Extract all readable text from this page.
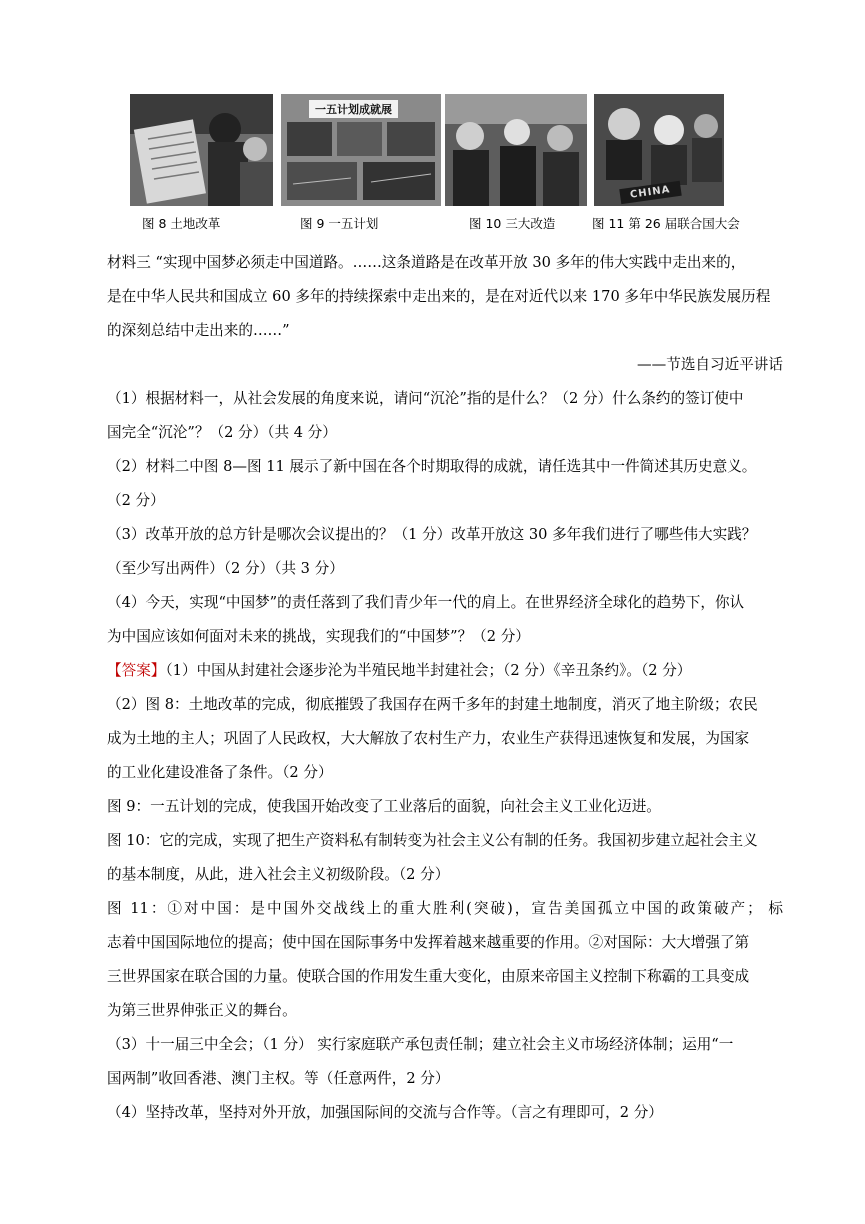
一五计划成就展
CHINA
图 8 土地改革	图 9 一五计划	图 10 三大改造	图 11 第 26 届联合国大会
材料三 “实现中国梦必须走中国道路。……这条道路是在改革开放 30 多年的伟大实践中走出来的，
是在中华人民共和国成立 60 多年的持续探索中走出来的，是在对近代以来 170 多年中华民族发展历程
的深刻总结中走出来的……”
——节选自习近平讲话
（1）根据材料一，从社会发展的角度来说，请问“沉沦”指的是什么？（2 分）什么条约的签订使中
国完全“沉沦”？（2 分）（共 4 分）
（2）材料二中图 8—图 11 展示了新中国在各个时期取得的成就，请任选其中一件简述其历史意义。
（2 分）
（3）改革开放的总方针是哪次会议提出的？（1 分）改革开放这 30 多年我们进行了哪些伟大实践？
（至少写出两件）（2 分）（共 3 分）
（4）今天，实现“中国梦”的责任落到了我们青少年一代的肩上。在世界经济全球化的趋势下，你认
为中国应该如何面对未来的挑战，实现我们的“中国梦”？（2 分）
【答案】（1）中国从封建社会逐步沦为半殖民地半封建社会；（2 分）《辛丑条约》。（2 分）
（2）图 8：土地改革的完成，彻底摧毁了我国存在两千多年的封建土地制度，消灭了地主阶级；农民
成为土地的主人；巩固了人民政权，大大解放了农村生产力，农业生产获得迅速恢复和发展，为国家
的工业化建设准备了条件。（2 分）
图 9：一五计划的完成，使我国开始改变了工业落后的面貌，向社会主义工业化迈进。
图 10：它的完成，实现了把生产资料私有制转变为社会主义公有制的任务。我国初步建立起社会主义
的基本制度，从此，进入社会主义初级阶段。（2 分）
图 11：①对中国：是中国外交战线上的重大胜利(突破)，宣告美国孤立中国的政策破产； 标
志着中国国际地位的提高；使中国在国际事务中发挥着越来越重要的作用。②对国际：大大增强了第
三世界国家在联合国的力量。使联合国的作用发生重大变化，由原来帝国主义控制下称霸的工具变成
为第三世界伸张正义的舞台。
（3）十一届三中全会；（1 分） 实行家庭联产承包责任制；建立社会主义市场经济体制；运用“一
国两制”收回香港、澳门主权。等（任意两件，2 分）
（4）坚持改革，坚持对外开放，加强国际间的交流与合作等。（言之有理即可，2 分）
